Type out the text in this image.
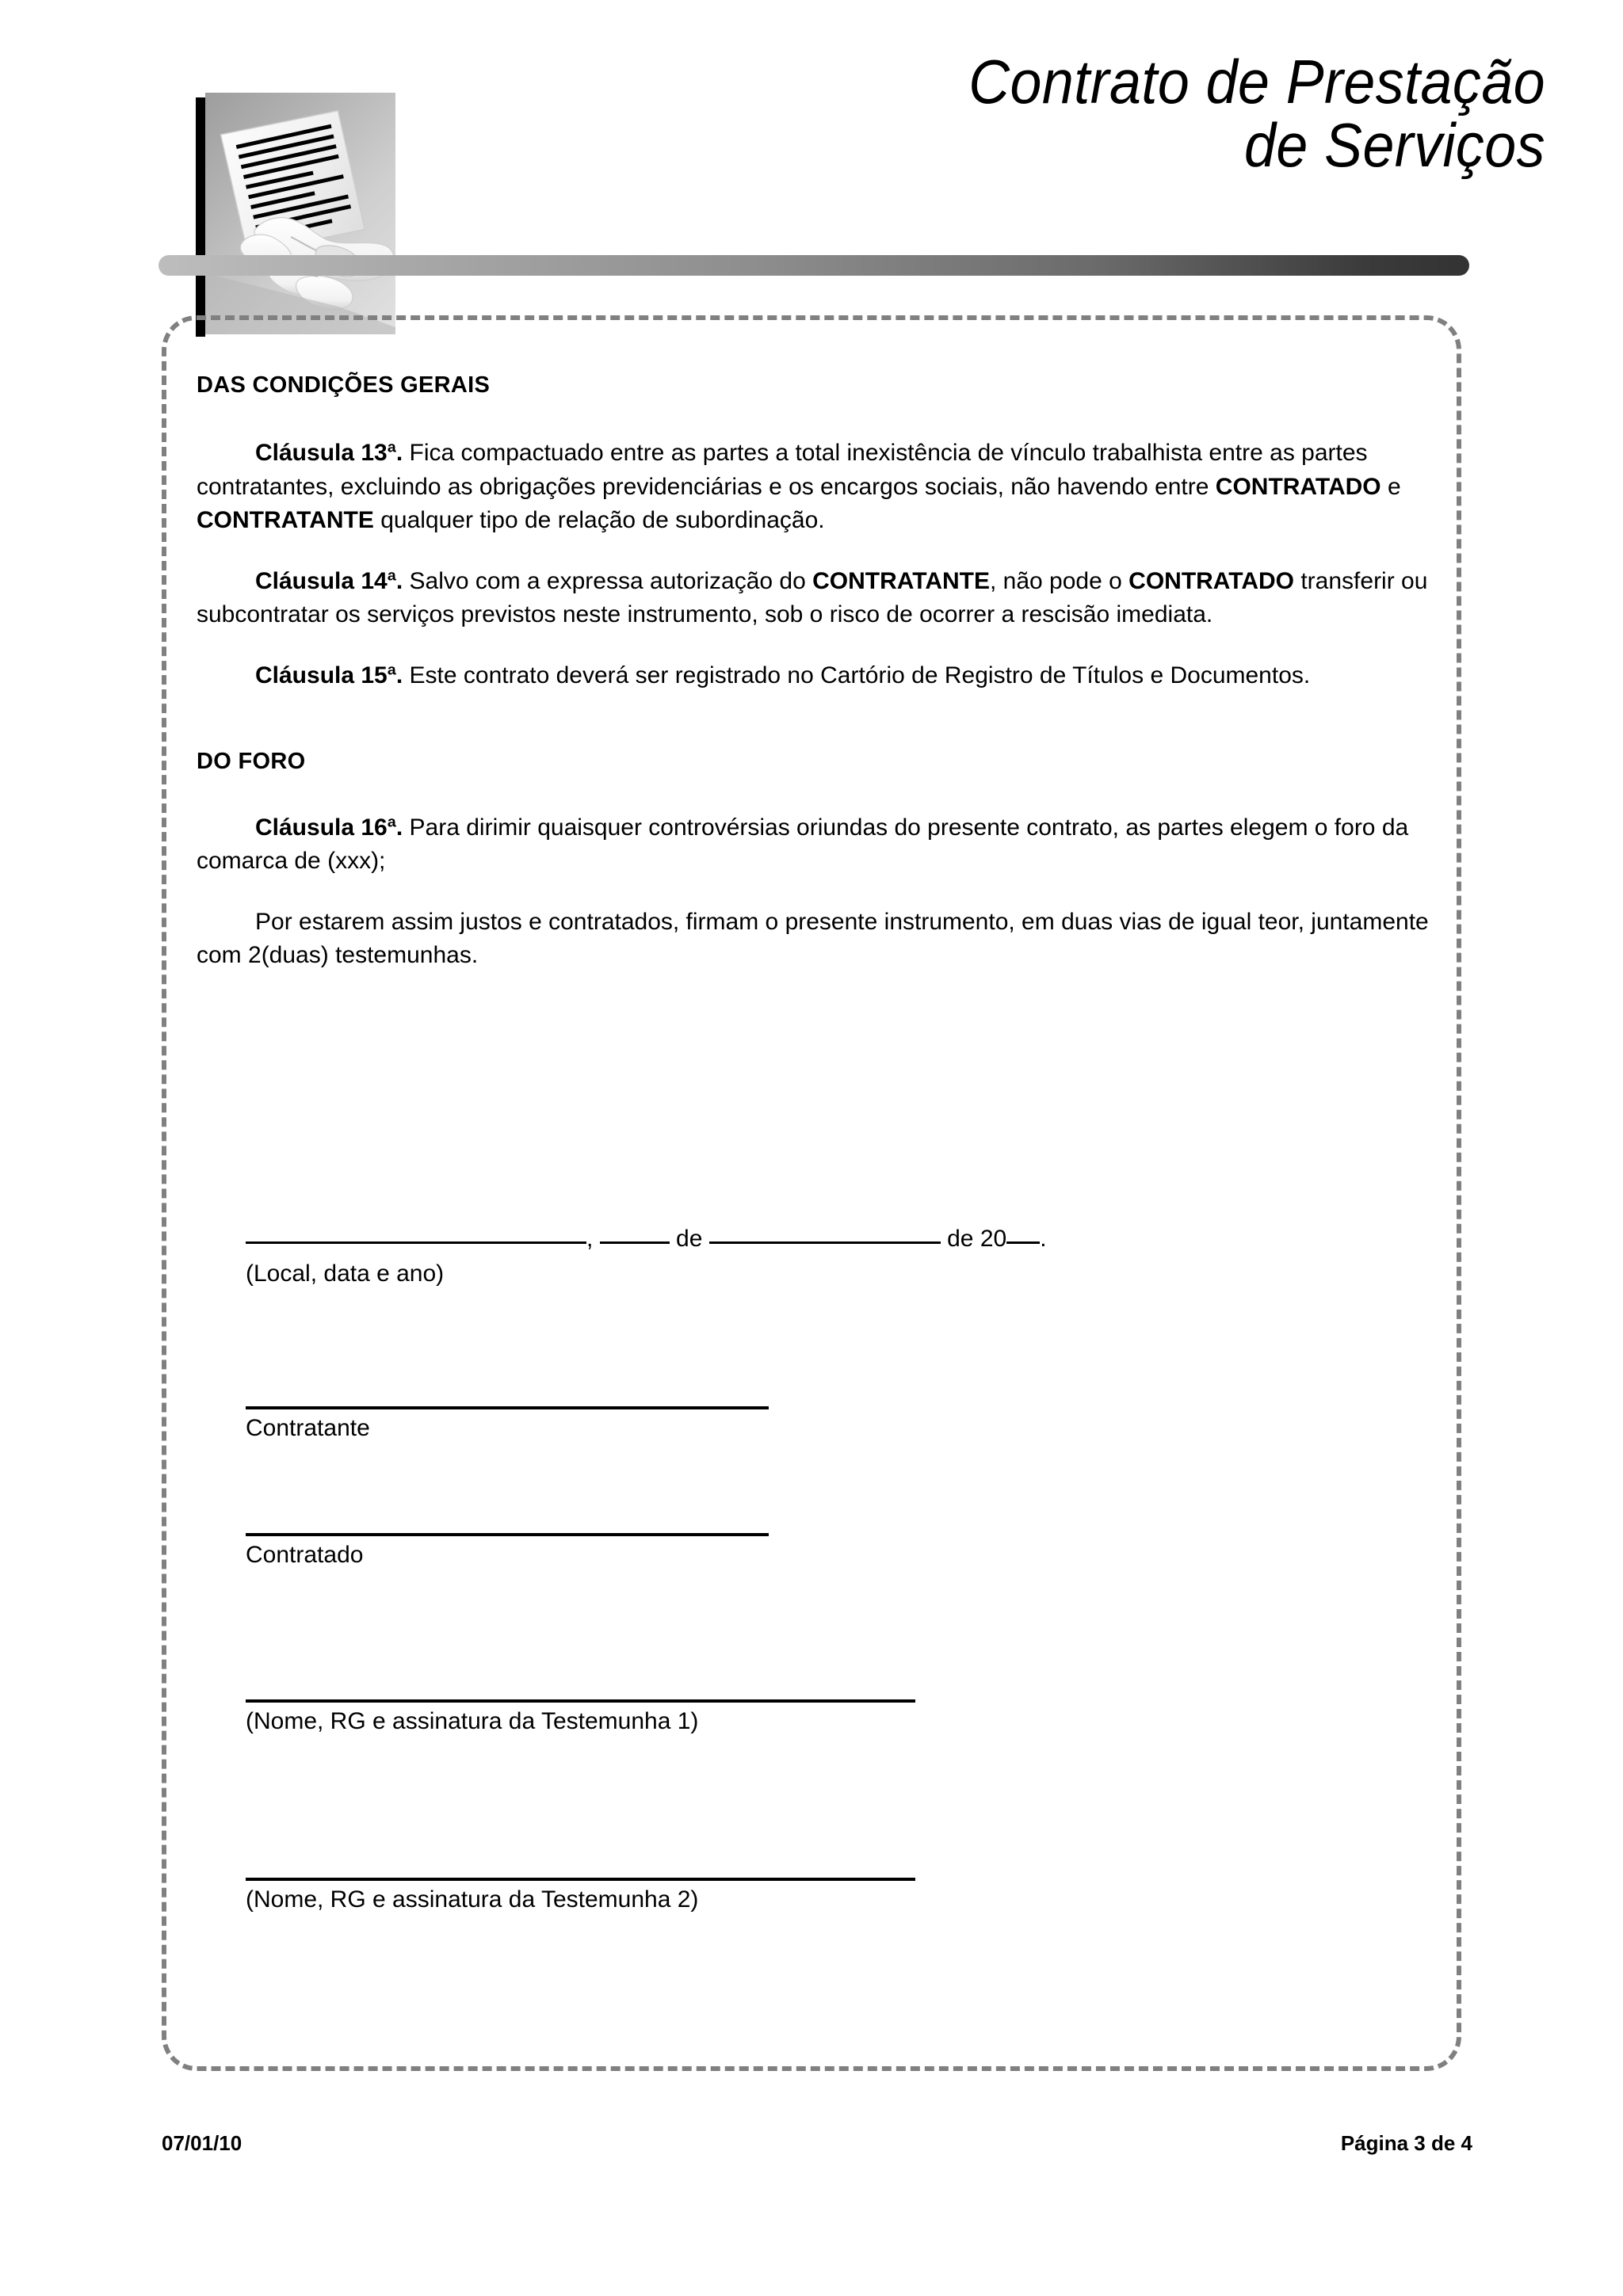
Contrato de Prestação
de Serviços
DAS CONDIÇÕES GERAIS

Cláusula 13ª. Fica compactuado entre as partes a total inexistência de vínculo trabalhista entre as partes contratantes, excluindo as obrigações previdenciárias e os encargos sociais, não havendo entre CONTRATADO e CONTRATANTE qualquer tipo de relação de subordinação.

Cláusula 14ª. Salvo com a expressa autorização do CONTRATANTE, não pode o CONTRATADO transferir ou subcontratar os serviços previstos neste instrumento, sob o risco de ocorrer a rescisão imediata.

Cláusula 15ª. Este contrato deverá ser registrado no Cartório de Registro de Títulos e Documentos.

DO FORO

Cláusula 16ª. Para dirimir quaisquer controvérsias oriundas do presente contrato, as partes elegem o foro da comarca de (xxx);

Por estarem assim justos e contratados, firmam o presente instrumento, em duas vias de igual teor, juntamente com 2(duas) testemunhas.

,	de	de 20 .
(Local, data e ano)
Contratante
Contratado
(Nome, RG e assinatura da Testemunha 1)
(Nome, RG e assinatura da Testemunha 2)
07/01/10	Página 3 de 4
